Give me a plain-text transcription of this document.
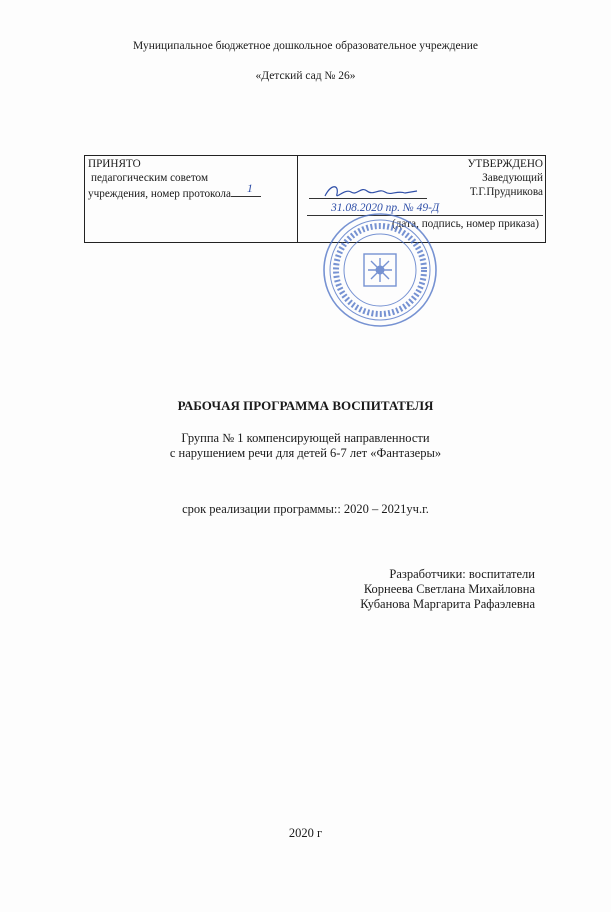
Муниципальное бюджетное дошкольное образовательное учреждение
«Детский сад № 26»
ПРИНЯТО
педагогическим советом
учреждения, номер протокола 1
УТВЕРЖДЕНО
Заведующий
Т.Г.Прудникова
31.08.2020 пр. № 49-Д
(дата, подпись, номер приказа)
РАБОЧАЯ ПРОГРАММА ВОСПИТАТЕЛЯ
Группа № 1 компенсирующей направленности
с нарушением речи для детей 6-7 лет «Фантазеры»
срок реализации программы:: 2020 – 2021уч.г.
Разработчики: воспитатели
Корнеева Светлана Михайловна
Кубанова Маргарита Рафаэлевна
2020 г
